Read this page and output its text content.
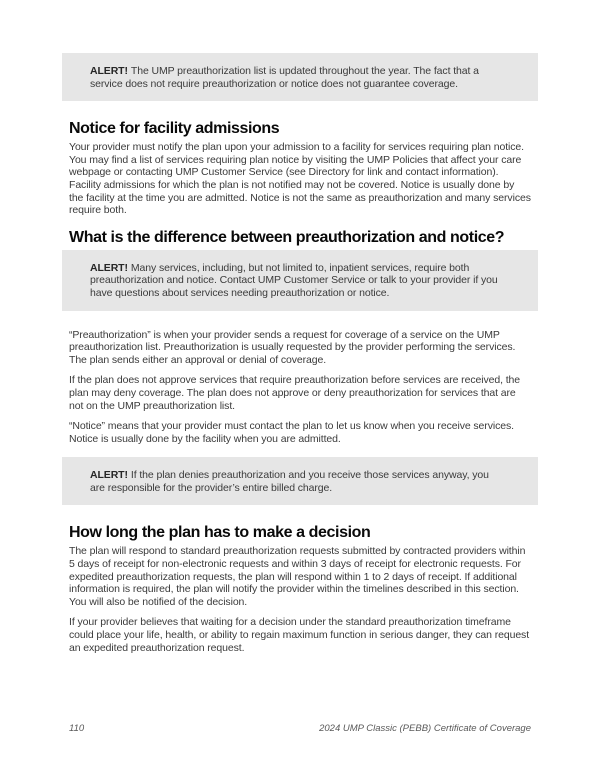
ALERT! The UMP preauthorization list is updated throughout the year. The fact that a service does not require preauthorization or notice does not guarantee coverage.
Notice for facility admissions

Your provider must notify the plan upon your admission to a facility for services requiring plan notice. You may find a list of services requiring plan notice by visiting the UMP Policies that affect your care webpage or contacting UMP Customer Service (see Directory for link and contact information). Facility admissions for which the plan is not notified may not be covered. Notice is usually done by the facility at the time you are admitted. Notice is not the same as preauthorization and many services require both.

What is the difference between preauthorization and notice?
ALERT! Many services, including, but not limited to, inpatient services, require both preauthorization and notice. Contact UMP Customer Service or talk to your provider if you have questions about services needing preauthorization or notice.

“Preauthorization” is when your provider sends a request for coverage of a service on the UMP preauthorization list. Preauthorization is usually requested by the provider performing the services. The plan sends either an approval or denial of coverage.

If the plan does not approve services that require preauthorization before services are received, the plan may deny coverage. The plan does not approve or deny preauthorization for services that are not on the UMP preauthorization list.

“Notice” means that your provider must contact the plan to let us know when you receive services. Notice is usually done by the facility when you are admitted.

ALERT! If the plan denies preauthorization and you receive those services anyway, you are responsible for the provider’s entire billed charge.
How long the plan has to make a decision

The plan will respond to standard preauthorization requests submitted by contracted providers within 5 days of receipt for non-electronic requests and within 3 days of receipt for electronic requests. For expedited preauthorization requests, the plan will respond within 1 to 2 days of receipt. If additional information is required, the plan will notify the provider within the timelines described in this section. You will also be notified of the decision.

If your provider believes that waiting for a decision under the standard preauthorization timeframe could place your life, health, or ability to regain maximum function in serious danger, they can request an expedited preauthorization request.

110	2024 UMP Classic (PEBB) Certificate of Coverage
